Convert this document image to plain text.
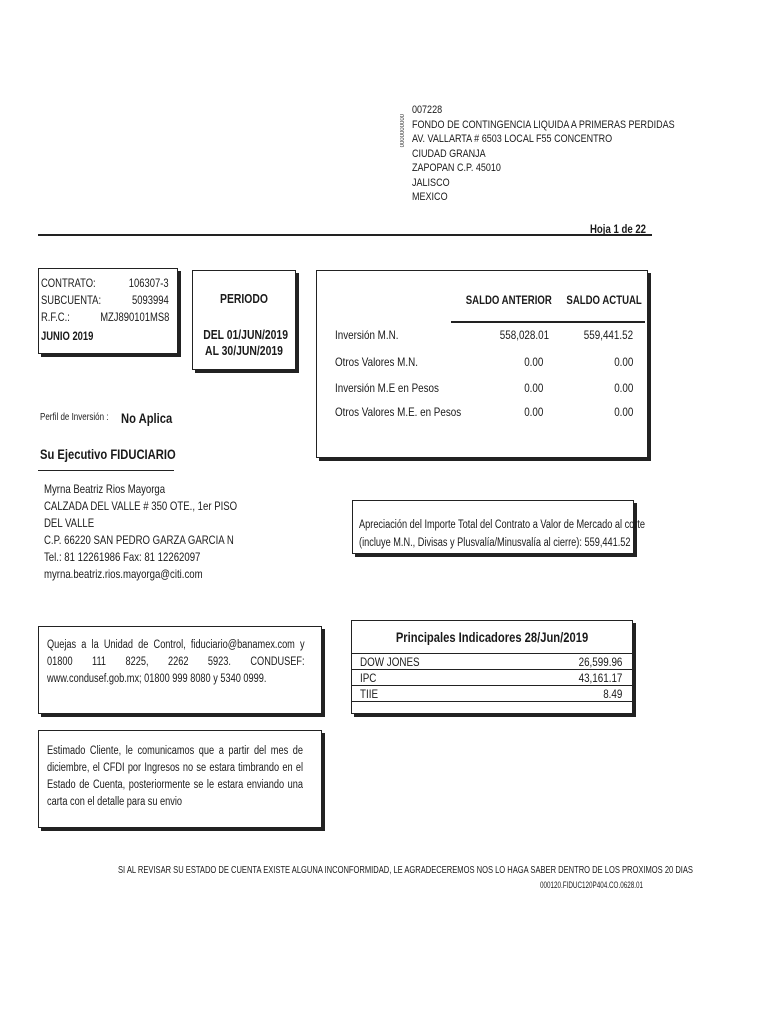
0000000000
007228
FONDO DE CONTINGENCIA LIQUIDA A PRIMERAS PERDIDAS
AV. VALLARTA # 6503 LOCAL F55 CONCENTRO
CIUDAD GRANJA
ZAPOPAN C.P. 45010
JALISCO
MEXICO
Hoja 1 de 22
CONTRATO:	106307-3
SUBCUENTA:	5093994
R.F.C.:	MZJ890101MS8
JUNIO 2019
PERIODO
DEL 01/JUN/2019
AL 30/JUN/2019
SALDO ANTERIOR SALDO ACTUAL
Inversión M.N.	558,028.01	559,441.52
Otros Valores M.N.	0.00	0.00
Inversión M.E en Pesos	0.00	0.00
Otros Valores M.E. en Pesos	0.00	0.00
Perfil de Inversión : No Aplica
Su Ejecutivo FIDUCIARIO
Myrna Beatriz Rios Mayorga
CALZADA DEL VALLE # 350 OTE., 1er PISO
DEL VALLE
C.P. 66220 SAN PEDRO GARZA GARCIA N
Tel.: 81 12261986 Fax: 81 12262097
myrna.beatriz.rios.mayorga@citi.com
Apreciación del Importe Total del Contrato a Valor de Mercado al corte
(incluye M.N., Divisas y Plusvalía/Minusvalía al cierre): 559,441.52
Quejas a la Unidad de Control, fiduciario@banamex.com y 01800 111 8225, 2262 5923. CONDUSEF: www.condusef.gob.mx; 01800 999 8080 y 5340 0999.
Principales Indicadores 28/Jun/2019
DOW JONES	26,599.96
IPC	43,161.17
TIIE	8.49
Estimado Cliente, le comunicamos que a partir del mes de diciembre, el CFDI por Ingresos no se estara timbrando en el Estado de Cuenta, posteriormente se le estara enviando una carta con el detalle para su envio
SI AL REVISAR SU ESTADO DE CUENTA EXISTE ALGUNA INCONFORMIDAD, LE AGRADECEREMOS NOS LO HAGA SABER DENTRO DE LOS PROXIMOS 20 DIAS
000120.FIDUC120P404.CO.0628.01
